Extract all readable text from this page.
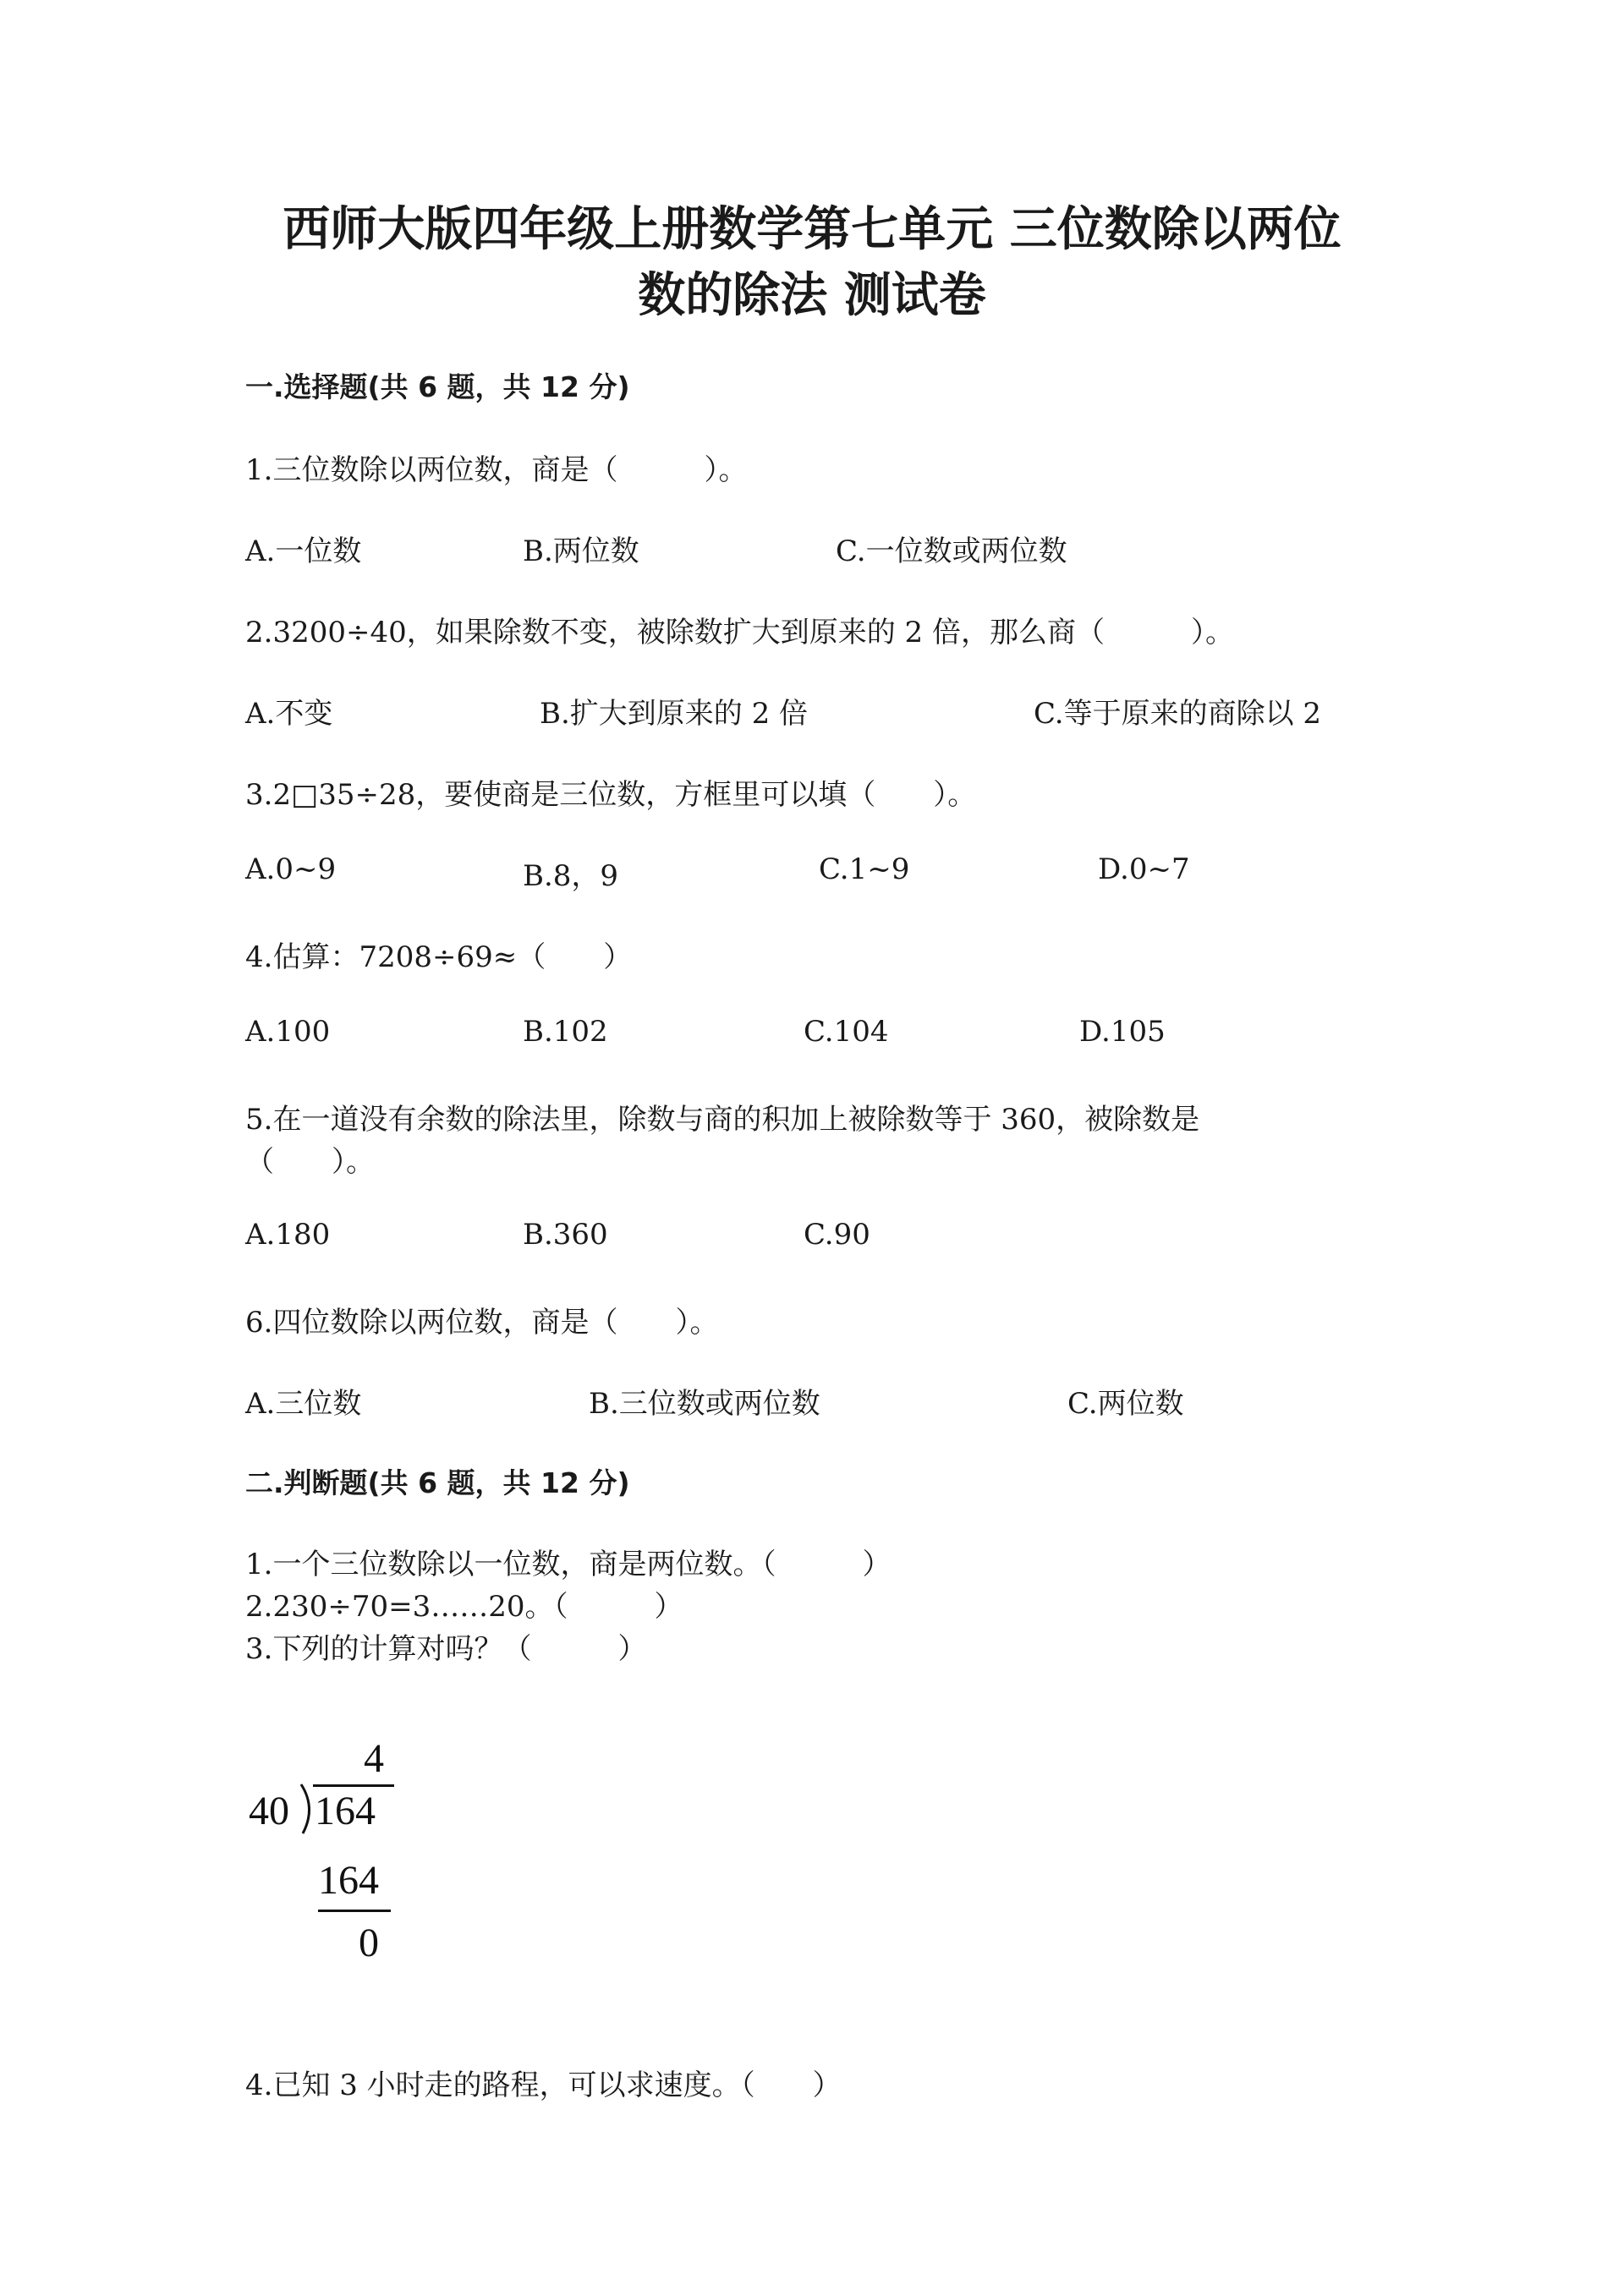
西师大版四年级上册数学第七单元 三位数除以两位
数的除法 测试卷
一.选择题(共 6 题，共 12 分)
1.三位数除以两位数，商是（　　　）。
A.一位数	B.两位数	C.一位数或两位数
2.3200÷40，如果除数不变，被除数扩大到原来的 2 倍，那么商（　　　）。
A.不变	B.扩大到原来的 2 倍	C.等于原来的商除以 2
3.2□35÷28，要使商是三位数，方框里可以填（　　）。
A.0~9	B.8，9	C.1~9	D.0~7
4.估算：7208÷69≈（　　）
A.100	B.102	C.104	D.105
5.在一道没有余数的除法里，除数与商的积加上被除数等于 360，被除数是
（　　）。
A.180	B.360	C.90
6.四位数除以两位数，商是（　　）。
A.三位数	B.三位数或两位数	C.两位数
二.判断题(共 6 题，共 12 分)
1.一个三位数除以一位数，商是两位数。（　　　）
2.230÷70=3……20。（　　　）
3.下列的计算对吗？（　　　）
4
40 164
164
0
4.已知 3 小时走的路程，可以求速度。（　　）
